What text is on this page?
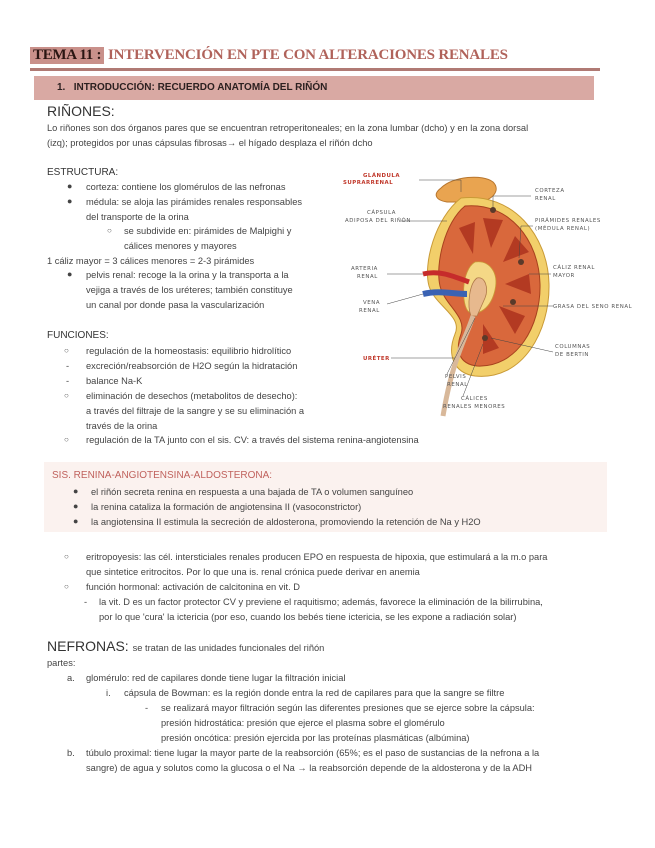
TEMA 11 : INTERVENCIÓN EN PTE CON ALTERACIONES RENALES
1. INTRODUCCIÓN: RECUERDO ANATOMÍA DEL RIÑÓN
RIÑONES:
Lo riñones son dos órganos pares que se encuentran retroperitoneales; en la zona lumbar (dcho) y en la zona dorsal
(izq); protegidos por unas cápsulas fibrosas→ el hígado desplaza el riñón dcho
ESTRUCTURA:
● corteza: contiene los glomérulos de las nefronas
● médula: se aloja las pirámides renales responsables
del transporte de la orina
○ se subdivide en: pirámides de Malpighi y
cálices menores y mayores
1 cáliz mayor = 3 cálices menores = 2-3 pirámides
● pelvis renal: recoge la la orina y la transporta a la
vejiga a través de los uréteres; también constituye
un canal por donde pasa la vascularización
FUNCIONES:
○ regulación de la homeostasis: equilibrio hidrolítico
- excreción/reabsorción de H2O según la hidratación
- balance Na-K
○ eliminación de desechos (metabolitos de desecho):
a través del filtraje de la sangre y se su eliminación a
través de la orina
○ regulación de la TA junto con el sis. CV: a través del sistema renina-angiotensina
GLÁNDULA
SUPRARRENAL
CÁPSULA
ADIPOSA DEL RIÑÓN
CORTEZA
RENAL
PIRÁMIDES RENALES
(MÉDULA RENAL)
ARTERIA
RENAL
CÁLIZ RENAL
MAYOR
GRASA DEL SENO RENAL
VENA
RENAL
COLUMNAS
DE BERTIN
URÉTER
PELVIS
RENAL
CÁLICES
RENALES MENORES
SIS. RENINA-ANGIOTENSINA-ALDOSTERONA:
● el riñón secreta renina en respuesta a una bajada de TA o volumen sanguíneo
● la renina cataliza la formación de angiotensina II (vasoconstrictor)
● la angiotensina II estimula la secreción de aldosterona, promoviendo la retención de Na y H2O
○ eritropoyesis: las cél. intersticiales renales producen EPO en respuesta de hipoxia, que estimulará a la m.o para
que sintetice eritrocitos. Por lo que una is. renal crónica puede derivar en anemia
○ función hormonal: activación de calcitonina en vit. D
- la vit. D es un factor protector CV y previene el raquitismo; además, favorece la eliminación de la bilirrubina,
por lo que 'cura' la ictericia (por eso, cuando los bebés tiene ictericia, se les expone a radiación solar)
NEFRONAS: se tratan de las unidades funcionales del riñón
partes:
a. glomérulo: red de capilares donde tiene lugar la filtración inicial
i. cápsula de Bowman: es la región donde entra la red de capilares para que la sangre se filtre
- se realizará mayor filtración según las diferentes presiones que se ejerce sobre la cápsula:
presión hidrostática: presión que ejerce el plasma sobre el glomérulo
presión oncótica: presión ejercida por las proteínas plasmáticas (albúmina)
b. túbulo proximal: tiene lugar la mayor parte de la reabsorción (65%; es el paso de sustancias de la nefrona a la
sangre) de agua y solutos como la glucosa o el Na → la reabsorción depende de la aldosterona y de la ADH
